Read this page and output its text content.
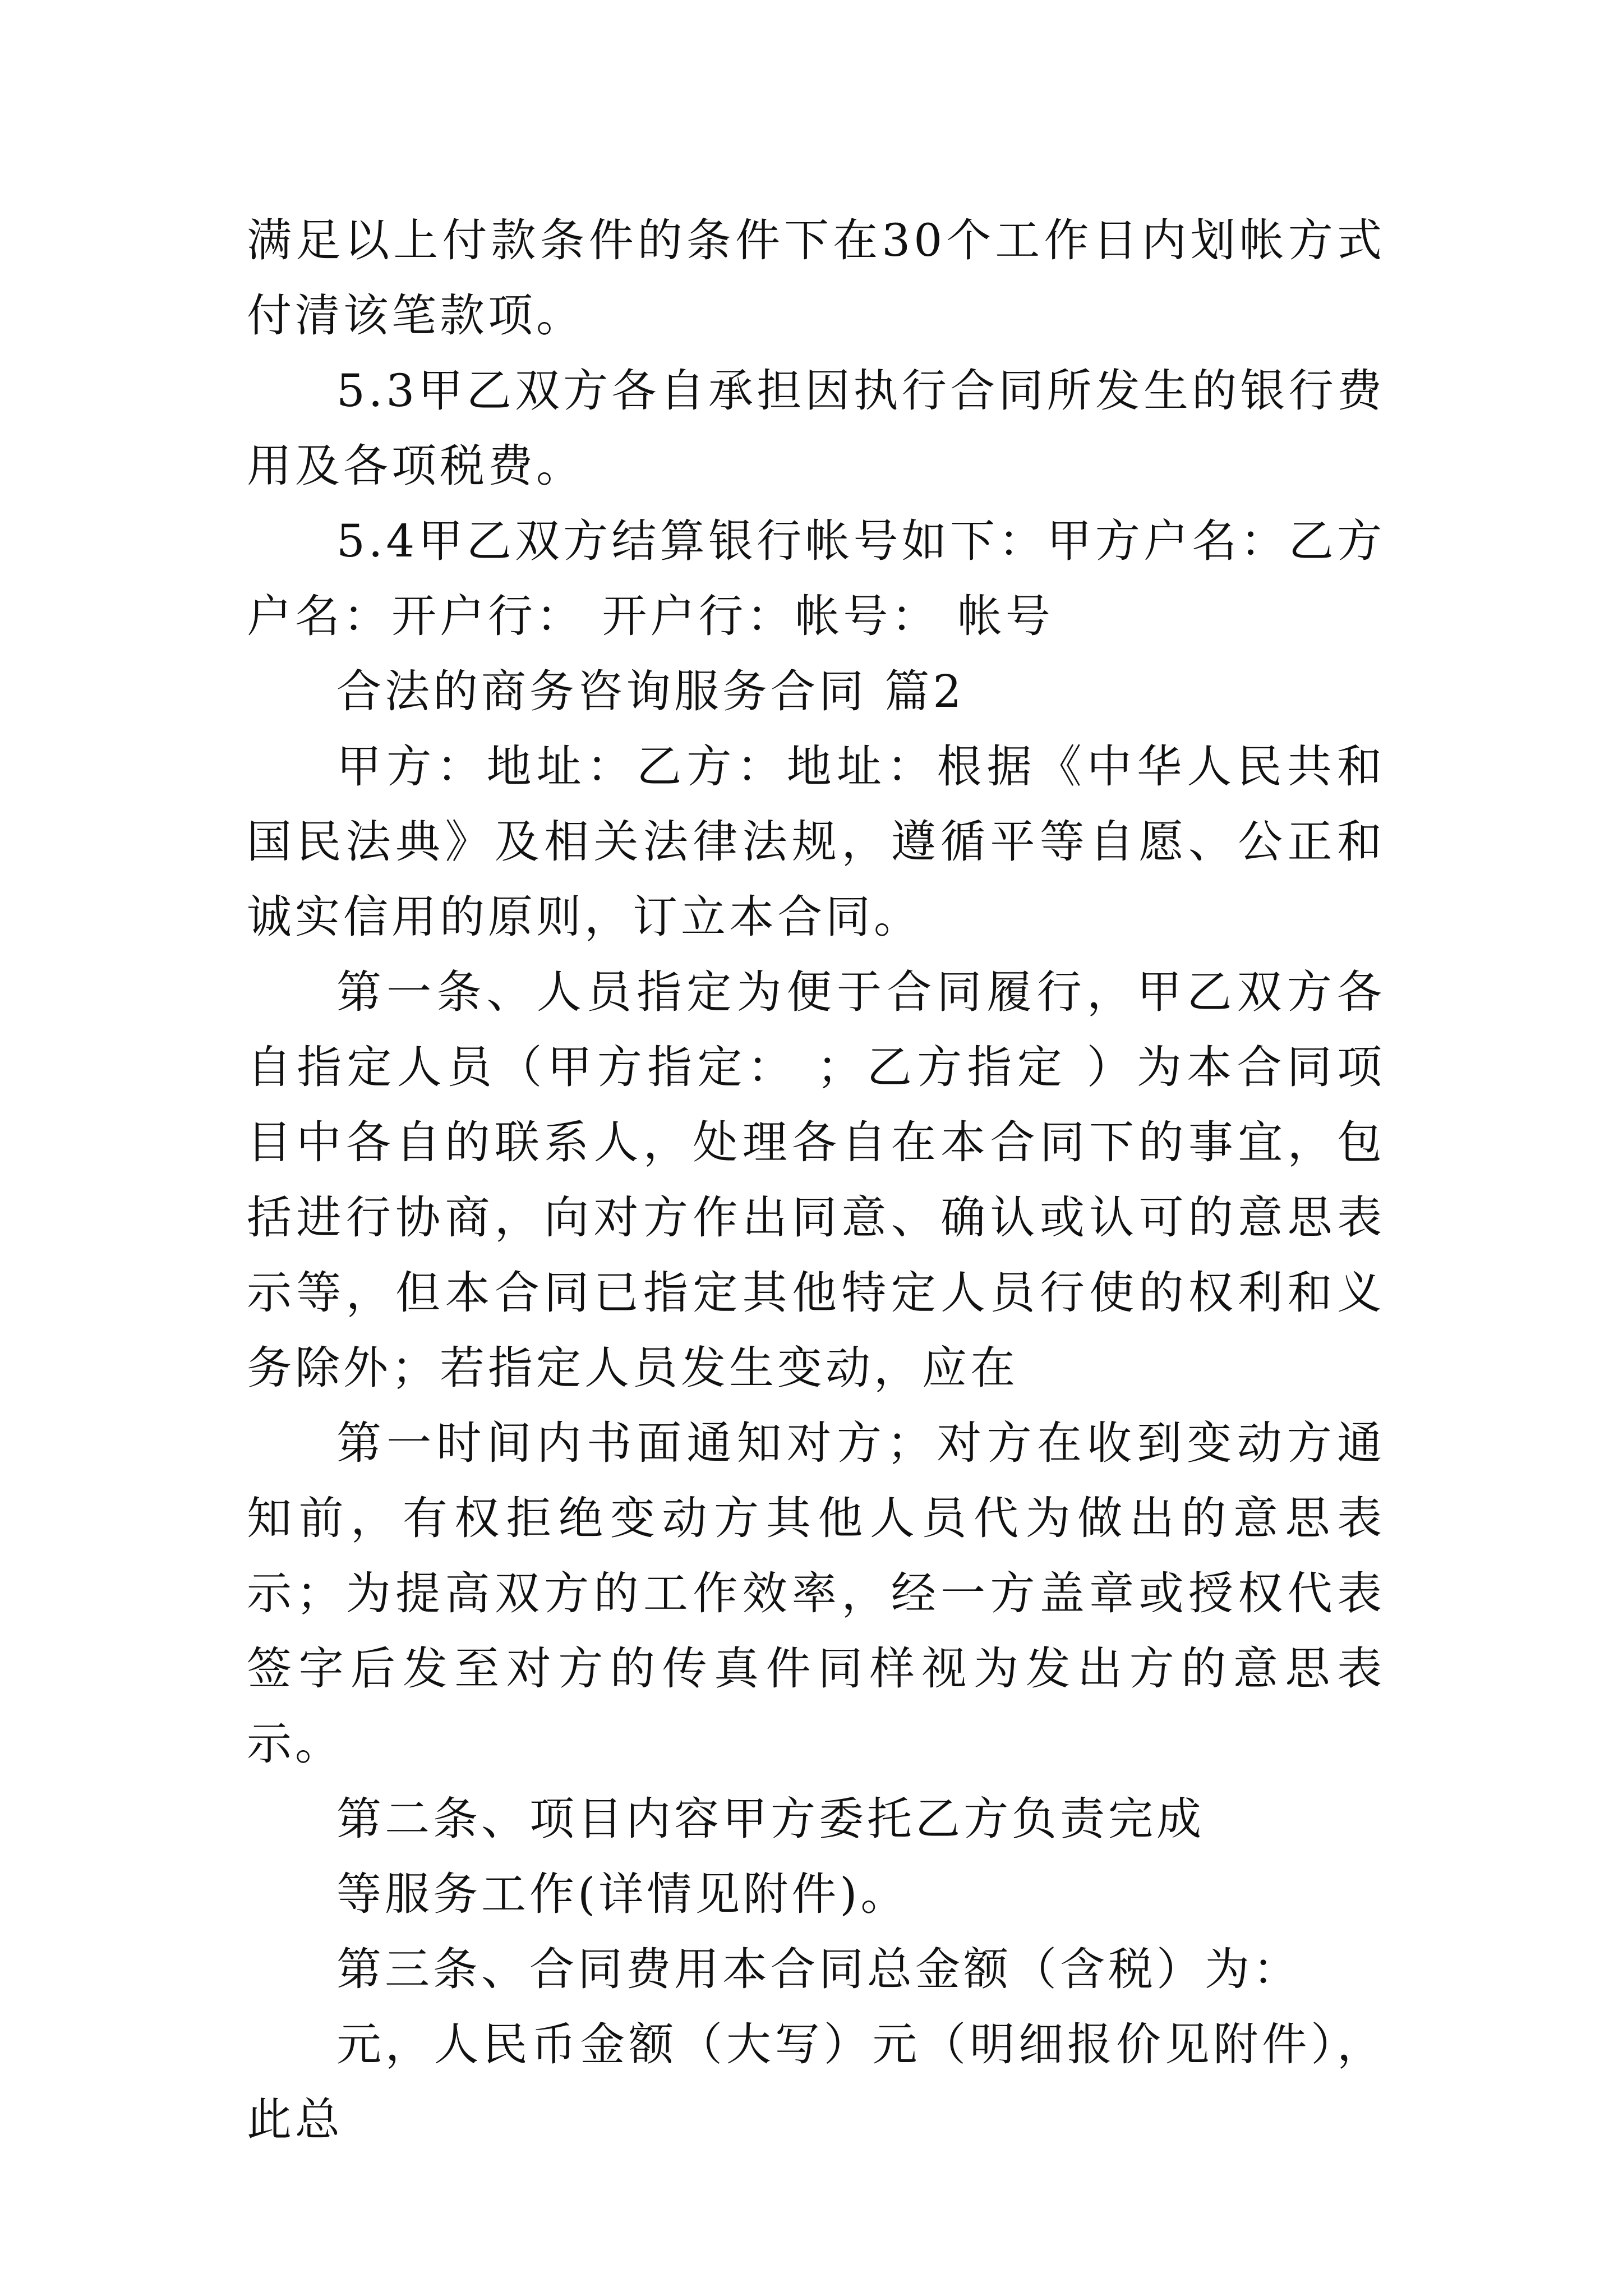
满足以上付款条件的条件下在30个工作日内划帐方式付清该笔款项。

5.3甲乙双方各自承担因执行合同所发生的银行费用及各项税费。

5.4甲乙双方结算银行帐号如下：甲方户名：乙方户名：开户行： 开户行：帐号： 帐号

合法的商务咨询服务合同 篇2

甲方：地址：乙方：地址：根据《中华人民共和国民法典》及相关法律法规，遵循平等自愿、公正和诚实信用的原则，订立本合同。

第一条、人员指定为便于合同履行，甲乙双方各自指定人员（甲方指定： ；乙方指定 ）为本合同项目中各自的联系人，处理各自在本合同下的事宜，包括进行协商，向对方作出同意、确认或认可的意思表示等，但本合同已指定其他特定人员行使的权利和义务除外；若指定人员发生变动，应在

第一时间内书面通知对方；对方在收到变动方通知前，有权拒绝变动方其他人员代为做出的意思表示；为提高双方的工作效率，经一方盖章或授权代表签字后发至对方的传真件同样视为发出方的意思表示。

第二条、项目内容甲方委托乙方负责完成

等服务工作(详情见附件)。

第三条、合同费用本合同总金额（含税）为：

元，人民币金额（大写）元（明细报价见附件），此总
